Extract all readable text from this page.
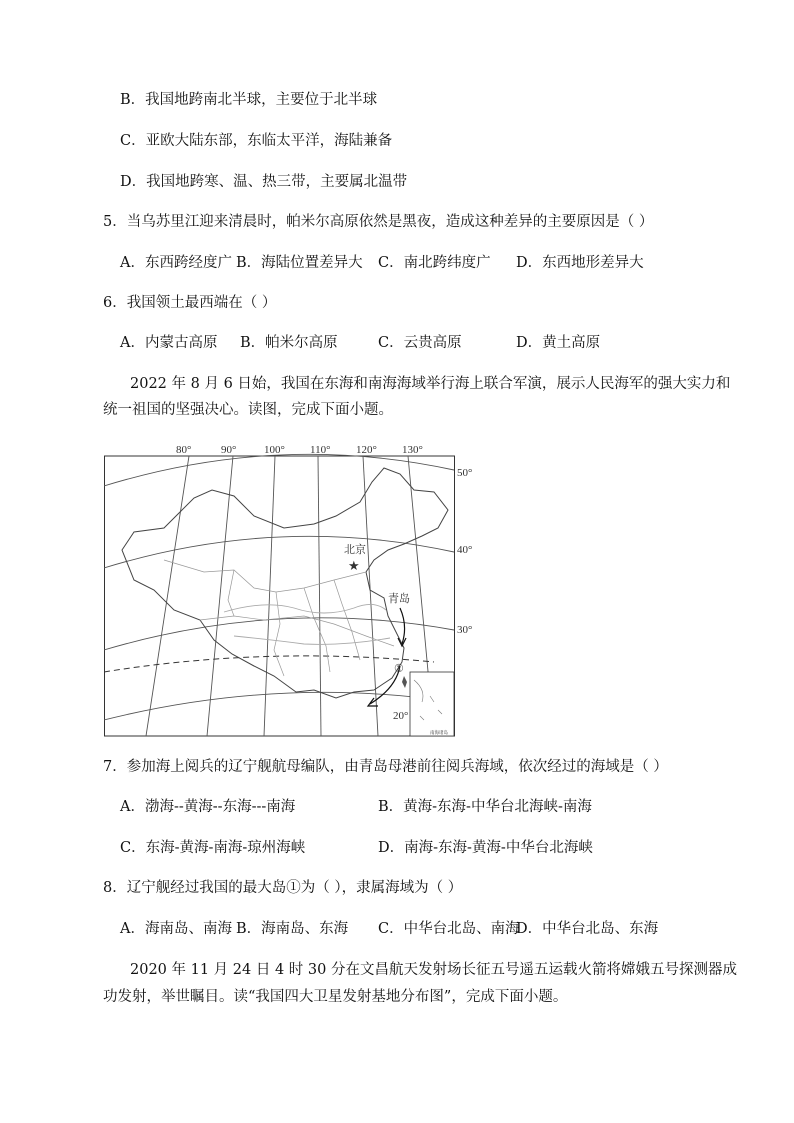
B．我国地跨南北半球，主要位于北半球
C．亚欧大陆东部，东临太平洋，海陆兼备
D．我国地跨寒、温、热三带，主要属北温带
5．当乌苏里江迎来清晨时，帕米尔高原依然是黑夜，造成这种差异的主要原因是（ ）
A．东西跨经度广 B．海陆位置差异大 C．南北跨纬度广 D．东西地形差异大
6．我国领土最西端在（ ）
A．内蒙古高原 B．帕米尔高原	C．云贵高原	D．黄土高原
2022 年 8 月 6 日始，我国在东海和南海海域举行海上联合军演，展示人民海军的强大实力和
统一祖国的坚强决心。读图，完成下面小题。
80°	90°	100° 110° 120° 130°
50°
40°
30°
20°
北京
★
青岛
①
南海诸岛
7．参加海上阅兵的辽宁舰航母编队，由青岛母港前往阅兵海域，依次经过的海域是（ ）
A．渤海--黄海--东海---南海	B．黄海-东海-中华台北海峡-南海
C．东海-黄海-南海-琼州海峡	D．南海-东海-黄海-中华台北海峡
8．辽宁舰经过我国的最大岛①为（ ），隶属海域为（ ）
A．海南岛、南海 B．海南岛、东海 C．中华台北岛、南海
D．中华台北岛、东海
2020 年 11 月 24 日 4 时 30 分在文昌航天发射场长征五号遥五运载火箭将嫦娥五号探测器成
功发射，举世瞩目。读“我国四大卫星发射基地分布图”，完成下面小题。
